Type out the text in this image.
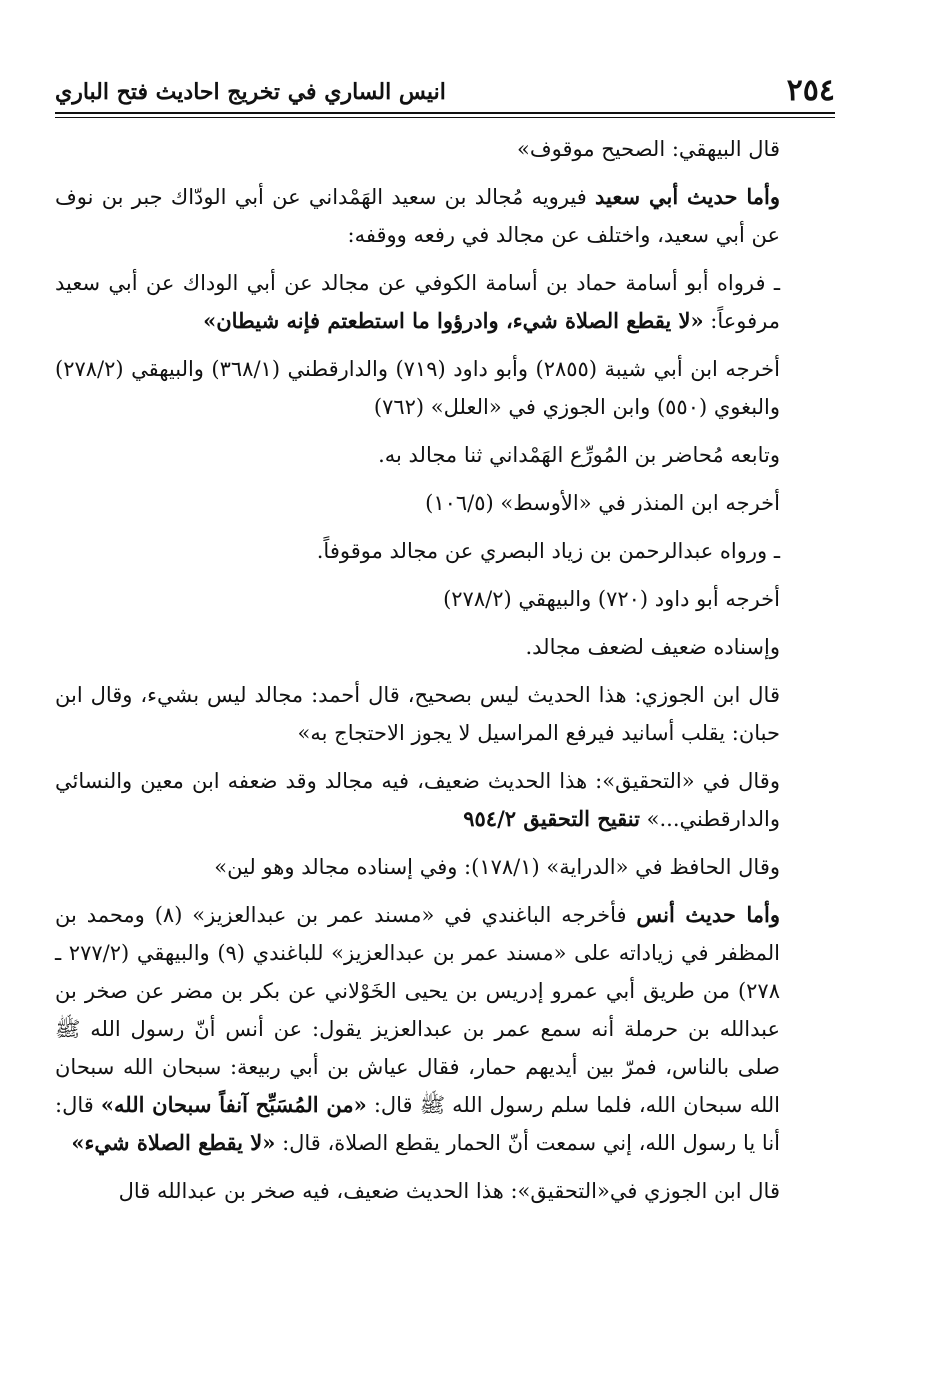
٢٥٤
انيس الساري في تخريج احاديث فتح الباري

قال البيهقي: الصحيح موقوف»

وأما حديث أبي سعيد فيرويه مُجالد بن سعيد الهَمْداني عن أبي الودّاك جبر بن نوف عن أبي سعيد، واختلف عن مجالد في رفعه ووقفه:

ـ فرواه أبو أسامة حماد بن أسامة الكوفي عن مجالد عن أبي الوداك عن أبي سعيد مرفوعاً: «لا يقطع الصلاة شيء، وادرؤوا ما استطعتم فإنه شيطان»

أخرجه ابن أبي شيبة (٢٨٥٥) وأبو داود (٧١٩) والدارقطني (٣٦٨/١) والبيهقي (٢٧٨/٢) والبغوي (٥٥٠) وابن الجوزي في «العلل» (٧٦٢)

وتابعه مُحاضر بن المُورِّع الهَمْداني ثنا مجالد به.

أخرجه ابن المنذر في «الأوسط» (١٠٦/٥)

ـ ورواه عبدالرحمن بن زياد البصري عن مجالد موقوفاً.

أخرجه أبو داود (٧٢٠) والبيهقي (٢٧٨/٢)

وإسناده ضعيف لضعف مجالد.

قال ابن الجوزي: هذا الحديث ليس بصحيح، قال أحمد: مجالد ليس بشيء، وقال ابن حبان: يقلب أسانيد فيرفع المراسيل لا يجوز الاحتجاج به»

وقال في «التحقيق»: هذا الحديث ضعيف، فيه مجالد وقد ضعفه ابن معين والنسائي والدارقطني...» تنقيح التحقيق ٩٥٤/٢

وقال الحافظ في «الدراية» (١٧٨/١): وفي إسناده مجالد وهو لين»

وأما حديث أنس فأخرجه الباغندي في «مسند عمر بن عبدالعزيز» (٨) ومحمد بن المظفر في زياداته على «مسند عمر بن عبدالعزيز» للباغندي (٩) والبيهقي (٢٧٧/٢ ـ ٢٧٨) من طريق أبي عمرو إدريس بن يحيى الخَوْلاني عن بكر بن مضر عن صخر بن عبدالله بن حرملة أنه سمع عمر بن عبدالعزيز يقول: عن أنس أنّ رسول الله ﷺ صلى بالناس، فمرّ بين أيديهم حمار، فقال عياش بن أبي ربيعة: سبحان الله سبحان الله سبحان الله، فلما سلم رسول الله ﷺ قال: «من المُسَبِّح آنفاً سبحان الله» قال: أنا يا رسول الله، إني سمعت أنّ الحمار يقطع الصلاة، قال: «لا يقطع الصلاة شيء»

قال ابن الجوزي في«التحقيق»: هذا الحديث ضعيف، فيه صخر بن عبدالله قال
